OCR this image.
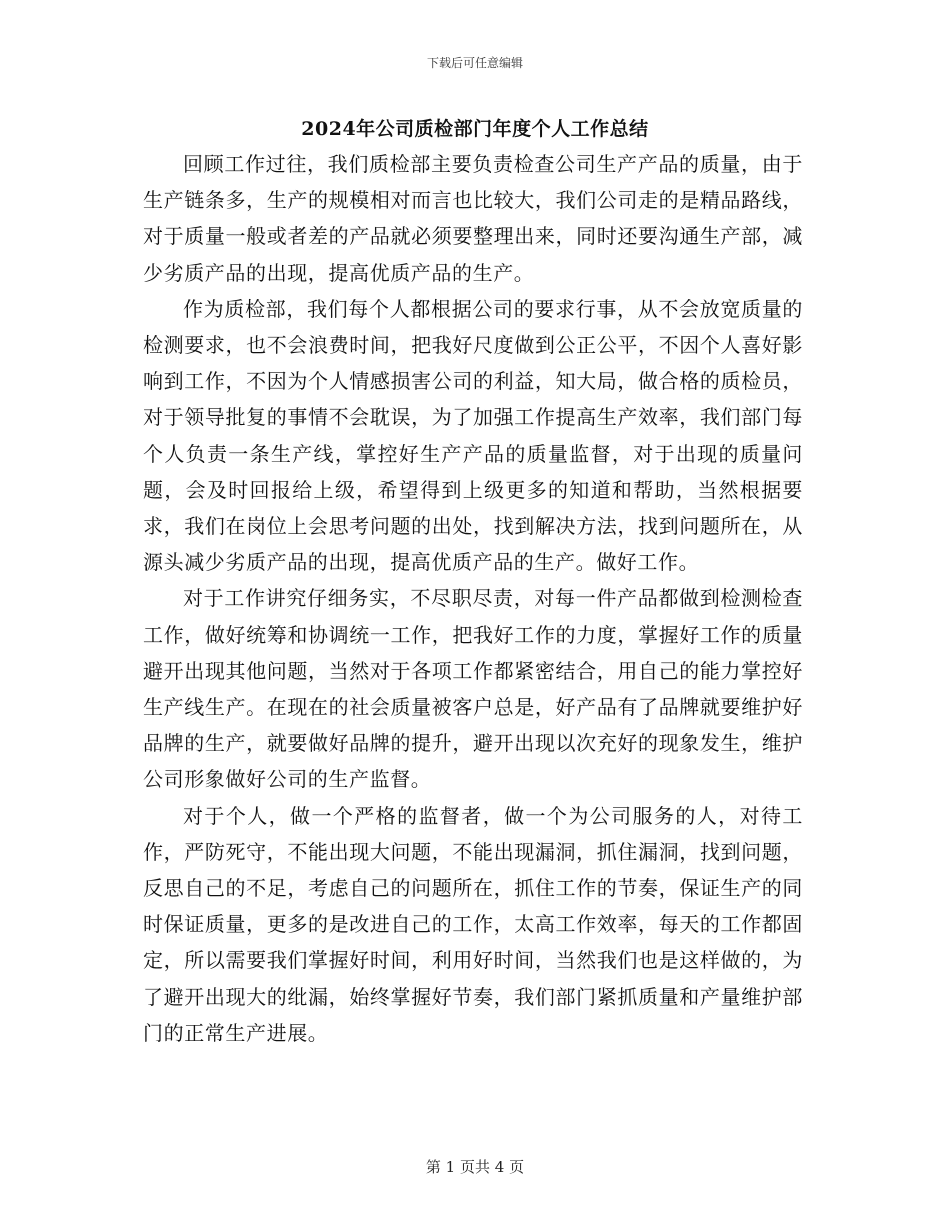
下载后可任意编辑
2024年公司质检部门年度个人工作总结

回顾工作过往，我们质检部主要负责检查公司生产产品的质量，由于生产链条多，生产的规模相对而言也比较大，我们公司走的是精品路线，对于质量一般或者差的产品就必须要整理出来，同时还要沟通生产部，减少劣质产品的出现，提高优质产品的生产。

作为质检部，我们每个人都根据公司的要求行事，从不会放宽质量的检测要求，也不会浪费时间，把我好尺度做到公正公平，不因个人喜好影响到工作，不因为个人情感损害公司的利益，知大局，做合格的质检员，对于领导批复的事情不会耽误，为了加强工作提高生产效率，我们部门每个人负责一条生产线，掌控好生产产品的质量监督，对于出现的质量问题，会及时回报给上级，希望得到上级更多的知道和帮助，当然根据要求，我们在岗位上会思考问题的出处，找到解决方法，找到问题所在，从源头减少劣质产品的出现，提高优质产品的生产。做好工作。

对于工作讲究仔细务实，不尽职尽责，对每一件产品都做到检测检查工作，做好统筹和协调统一工作，把我好工作的力度，掌握好工作的质量避开出现其他问题，当然对于各项工作都紧密结合，用自己的能力掌控好生产线生产。在现在的社会质量被客户总是，好产品有了品牌就要维护好品牌的生产，就要做好品牌的提升，避开出现以次充好的现象发生，维护公司形象做好公司的生产监督。

对于个人，做一个严格的监督者，做一个为公司服务的人，对待工作，严防死守，不能出现大问题，不能出现漏洞，抓住漏洞，找到问题，反思自己的不足，考虑自己的问题所在，抓住工作的节奏，保证生产的同时保证质量，更多的是改进自己的工作，太高工作效率，每天的工作都固定，所以需要我们掌握好时间，利用好时间，当然我们也是这样做的，为了避开出现大的纰漏，始终掌握好节奏，我们部门紧抓质量和产量维护部门的正常生产进展。

第 1 页共 4 页
